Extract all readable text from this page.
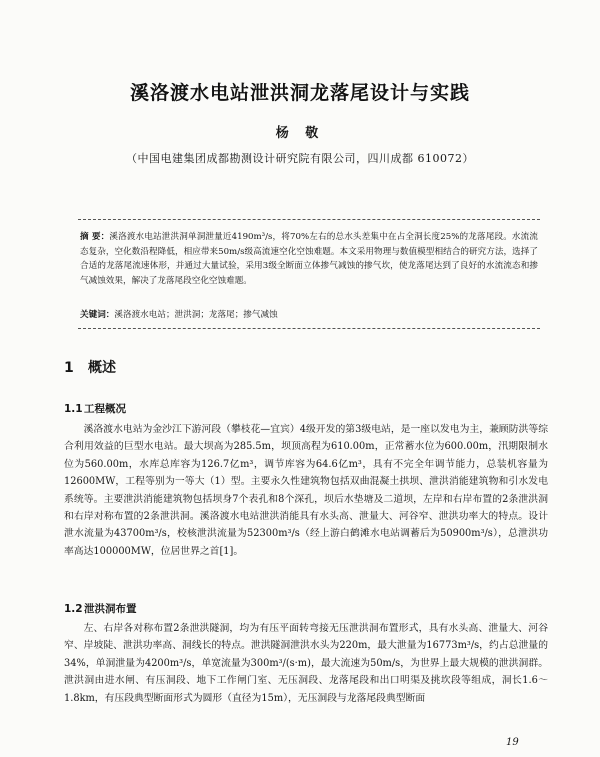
溪洛渡水电站泄洪洞龙落尾设计与实践
杨 敬
（中国电建集团成都勘测设计研究院有限公司，四川成都 610072）
摘 要：溪洛渡水电站泄洪洞单洞泄量近4190m³/s，将70%左右的总水头差集中在占全洞长度25%的龙落尾段。水流流态复杂，空化数沿程降低，相应带来50m/s级高流速空化空蚀难题。本文采用物理与数值模型相结合的研究方法，选择了合适的龙落尾流速体形，并通过大量试验，采用3级全断面立体掺气减蚀的掺气坎，使龙落尾达到了良好的水流流态和掺气减蚀效果，解决了龙落尾段空化空蚀难题。
关键词：溪洛渡水电站；泄洪洞；龙落尾；掺气减蚀
1 概述
1.1工程概况
溪洛渡水电站为金沙江下游河段（攀枝花—宜宾）4级开发的第3级电站，是一座以发电为主，兼顾防洪等综合利用效益的巨型水电站。最大坝高为285.5m，坝顶高程为610.00m，正常蓄水位为600.00m，汛期限制水位为560.00m，水库总库容为126.7亿m³，调节库容为64.6亿m³，具有不完全年调节能力，总装机容量为12600MW，工程等别为一等大（1）型。主要永久性建筑物包括双曲混凝土拱坝、泄洪消能建筑物和引水发电系统等。主要泄洪消能建筑物包括坝身7个表孔和8个深孔，坝后水垫塘及二道坝，左岸和右岸布置的2条泄洪洞和右岸对称布置的2条泄洪洞。溪洛渡水电站泄洪消能具有水头高、泄量大、河谷窄、泄洪功率大的特点。设计泄水流量为43700m³/s，校核泄洪流量为52300m³/s（经上游白鹤滩水电站调蓄后为50900m³/s），总泄洪功率高达100000MW，位居世界之首[1]。
1.2泄洪洞布置
左、右岸各对称布置2条泄洪隧洞，均为有压平面转弯接无压泄洪洞布置形式，具有水头高、泄量大、河谷窄、岸坡陡、泄洪功率高、洞线长的特点。泄洪隧洞泄洪水头为220m，最大泄量为16773m³/s，约占总泄量的34%，单洞泄量为4200m³/s，单宽流量为300m³/(s·m)，最大流速为50m/s，为世界上最大规模的泄洪洞群。泄洪洞由进水闸、有压洞段、地下工作闸门室、无压洞段、龙落尾段和出口明渠及挑坎段等组成，洞长1.6～1.8km，有压段典型断面形式为圆形（直径为15m），无压洞段与龙落尾段典型断面
19
